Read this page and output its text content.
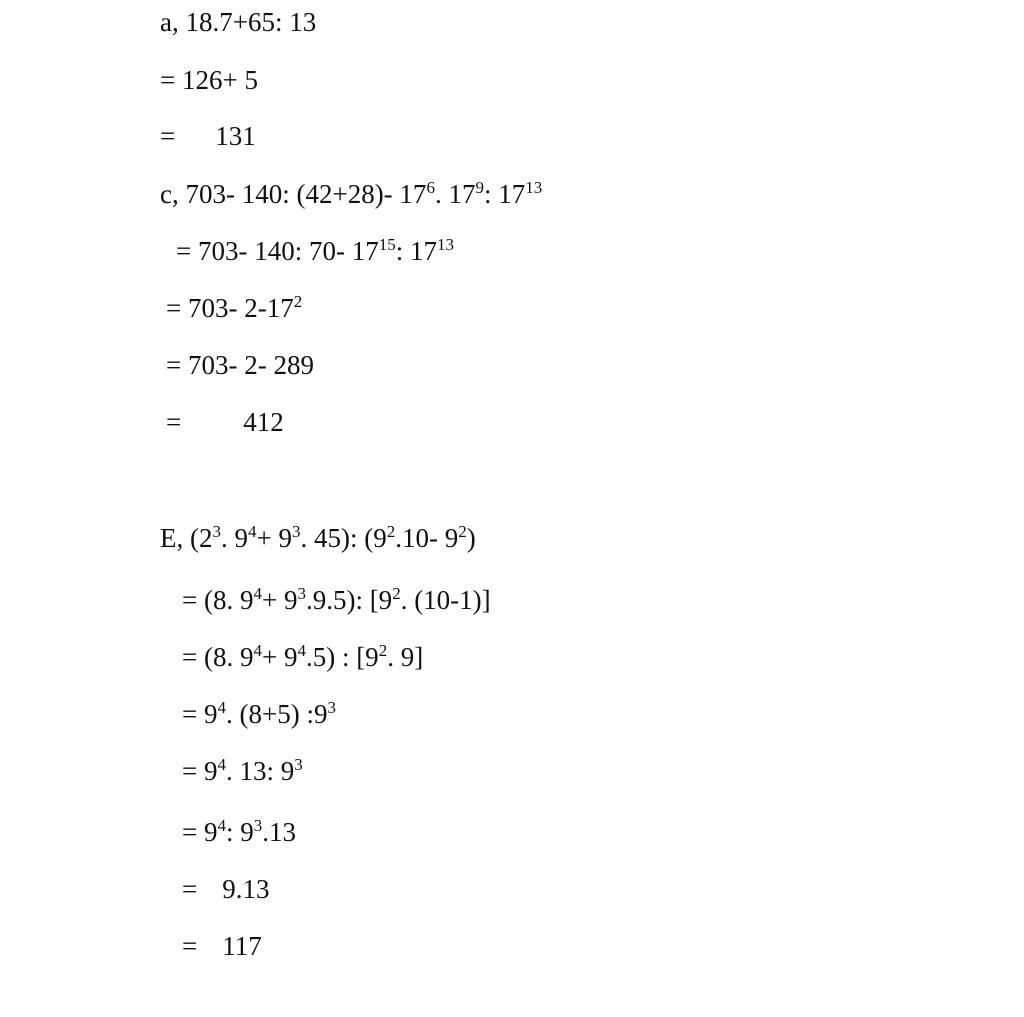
a, 18.7+65: 13
= 126+ 5
= 131
c, 703- 140: (42+28)- $17^6$. $17^9$: $17^{13}$
= 703- 140: 70- $17^{15}$: $17^{13}$
= 703- $2-17^2$
= 703- 2- 289
= 412
E, ($2^3$. $9^4+ 9^3$. 45): ($9^2.10-$ $9^2$)
= (8. $9^4+ 9^3.9.5$): [$9^2$. (10-1)]
= (8. $9^4+ 9^4.5$) : [$9^2$. 9]
= $9^4$. (8+5) $:9^3$
= $9^4$. 13: $9^3$
= $9^4$: $9^3.13$
= 9.13
= 117
